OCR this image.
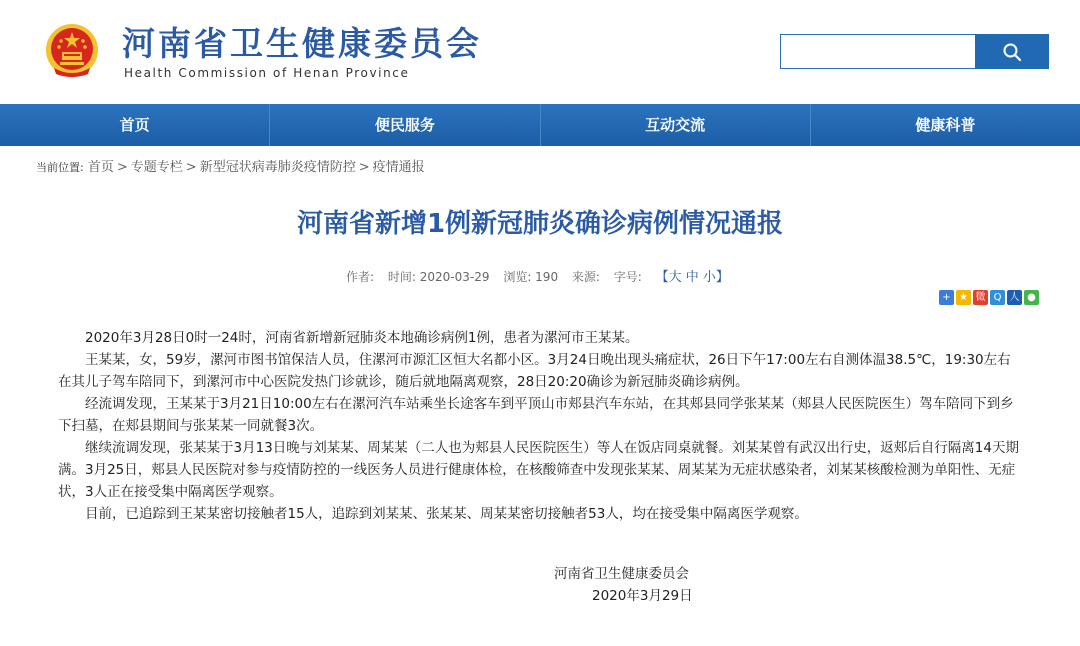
河南省卫生健康委员会
Health Commission of Henan Province
首页	便民服务	互动交流	健康科普
当前位置: 首页 > 专题专栏 > 新型冠状病毒肺炎疫情防控 > 疫情通报
河南省新增1例新冠肺炎确诊病例情况通报
作者: 时间: 2020-03-29 浏览: 190 来源: 字号: 【大 中 小】
+ ★ 微 Q 人 ●

2020年3月28日0时一24时，河南省新增新冠肺炎本地确诊病例1例，患者为漯河市王某某。

王某某，女，59岁，漯河市图书馆保洁人员，住漯河市源汇区恒大名都小区。3月24日晚出现头痛症状，26日下午17:00左右自测体温38.5℃，19:30左右在其儿子驾车陪同下，到漯河市中心医院发热门诊就诊，随后就地隔离观察，28日20:20确诊为新冠肺炎确诊病例。

经流调发现，王某某于3月21日10:00左右在漯河汽车站乘坐长途客车到平顶山市郏县汽车东站，在其郏县同学张某某（郏县人民医院医生）驾车陪同下到乡下扫墓，在郏县期间与张某某一同就餐3次。

继续流调发现，张某某于3月13日晚与刘某某、周某某（二人也为郏县人民医院医生）等人在饭店同桌就餐。刘某某曾有武汉出行史，返郏后自行隔离14天期满。3月25日，郏县人民医院对参与疫情防控的一线医务人员进行健康体检，在核酸筛查中发现张某某、周某某为无症状感染者，刘某某核酸检测为单阳性、无症状，3人正在接受集中隔离医学观察。

目前，已追踪到王某某密切接触者15人，追踪到刘某某、张某某、周某某密切接触者53人，均在接受集中隔离医学观察。

河南省卫生健康委员会
2020年3月29日
